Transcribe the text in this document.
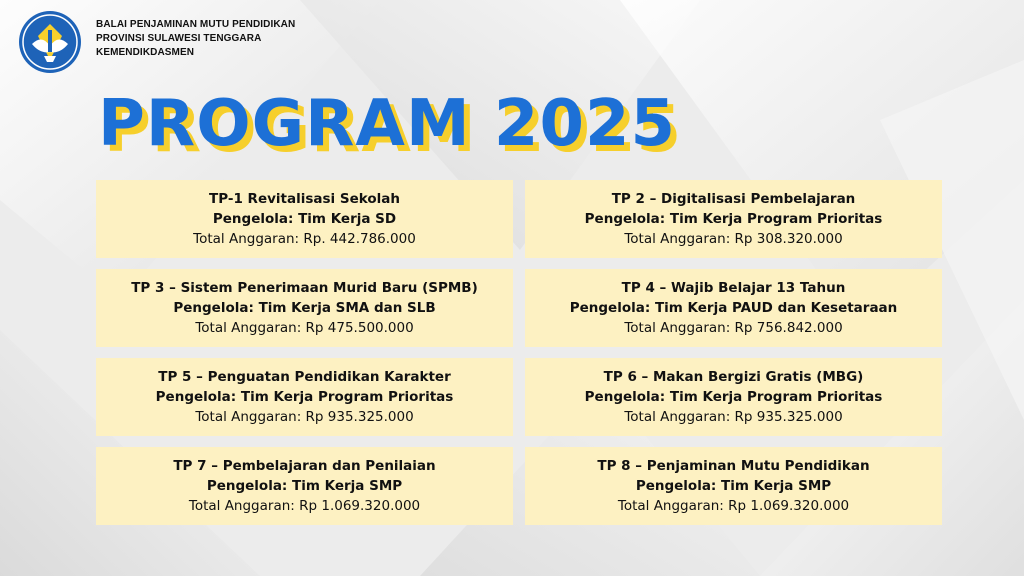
BALAI PENJAMINAN MUTU PENDIDIKAN
PROVINSI SULAWESI TENGGARA
KEMENDIKDASMEN
PROGRAM 2025
TP-1 Revitalisasi Sekolah
Pengelola: Tim Kerja SD
Total Anggaran: Rp. 442.786.000
TP 2 – Digitalisasi Pembelajaran
Pengelola: Tim Kerja Program Prioritas
Total Anggaran: Rp 308.320.000
TP 3 – Sistem Penerimaan Murid Baru (SPMB)
Pengelola: Tim Kerja SMA dan SLB
Total Anggaran: Rp 475.500.000
TP 4 – Wajib Belajar 13 Tahun
Pengelola: Tim Kerja PAUD dan Kesetaraan
Total Anggaran: Rp 756.842.000
TP 5 – Penguatan Pendidikan Karakter
Pengelola: Tim Kerja Program Prioritas
Total Anggaran: Rp 935.325.000
TP 6 – Makan Bergizi Gratis (MBG)
Pengelola: Tim Kerja Program Prioritas
Total Anggaran: Rp 935.325.000
TP 7 – Pembelajaran dan Penilaian
Pengelola: Tim Kerja SMP
Total Anggaran: Rp 1.069.320.000
TP 8 – Penjaminan Mutu Pendidikan
Pengelola: Tim Kerja SMP
Total Anggaran: Rp 1.069.320.000
